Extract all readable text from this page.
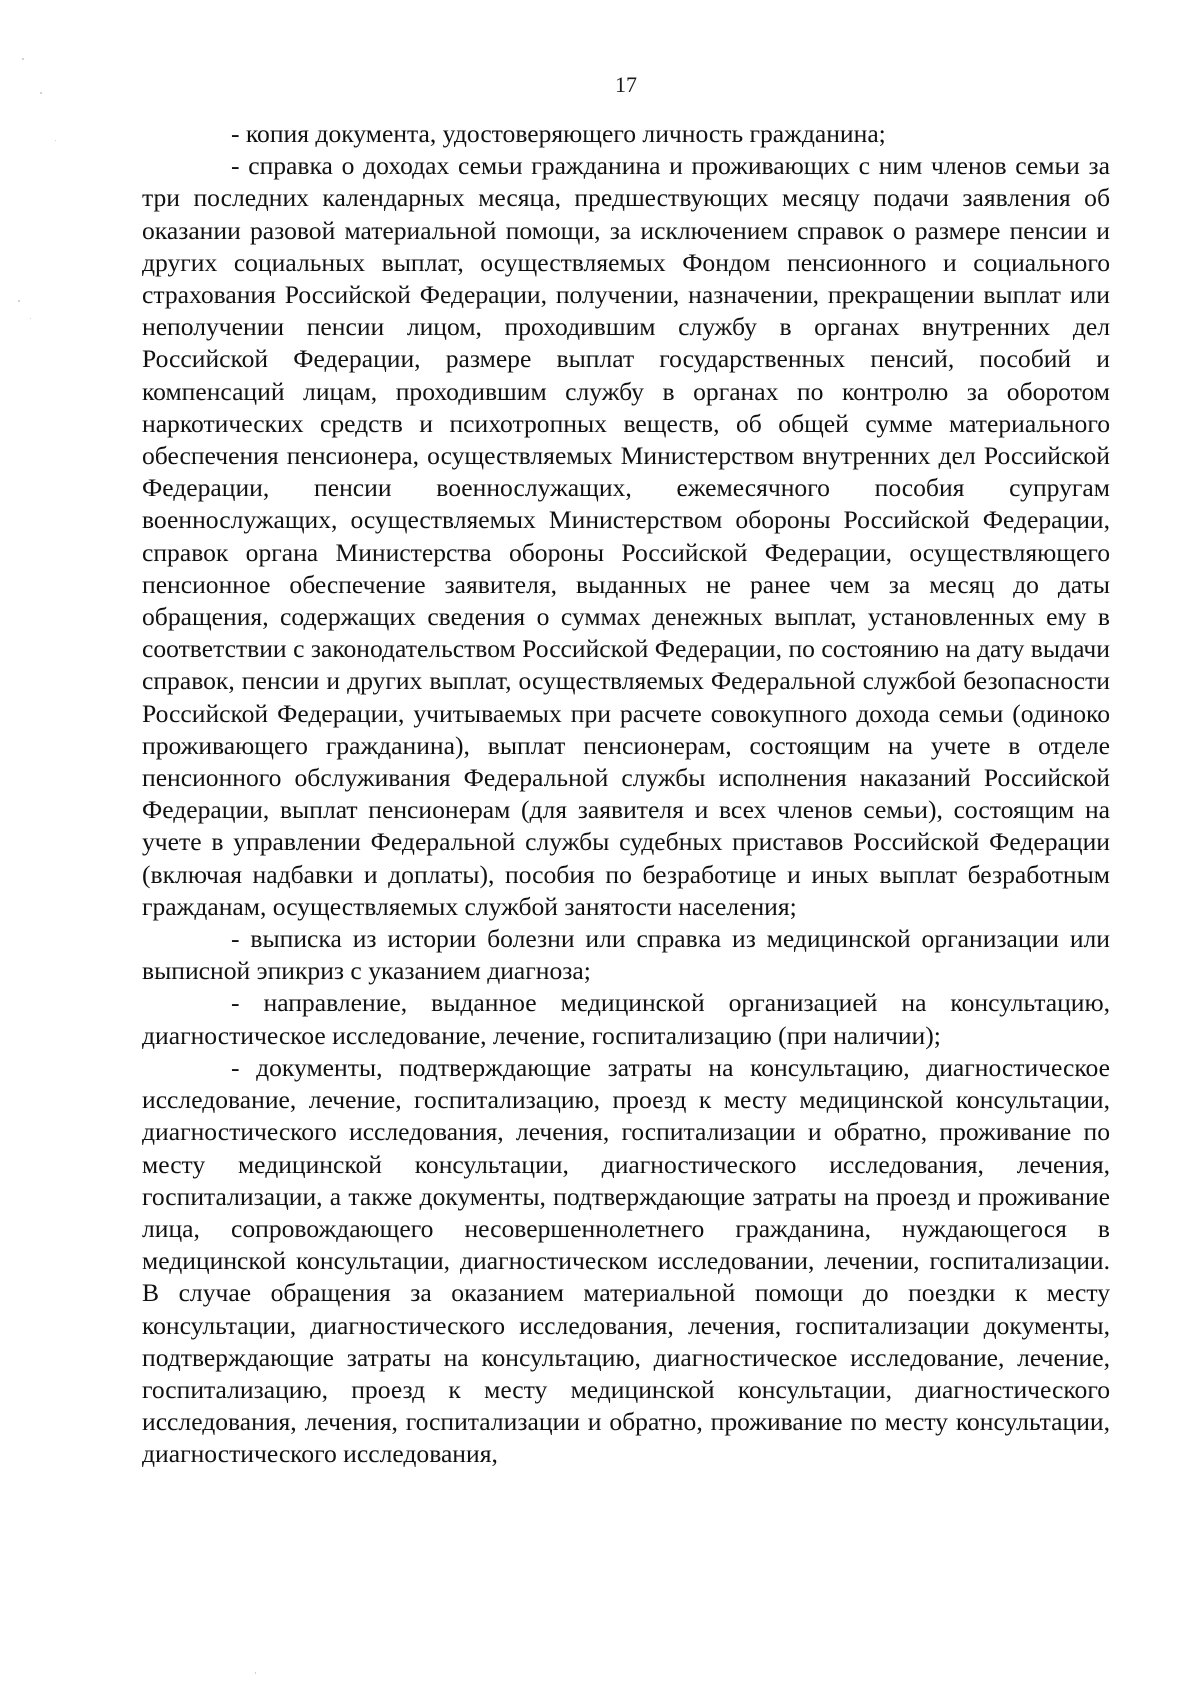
17

- копия документа, удостоверяющего личность гражданина;

- справка о доходах семьи гражданина и проживающих с ним членов семьи за три последних календарных месяца, предшествующих месяцу подачи заявления об оказании разовой материальной помощи, за исключением справок о размере пенсии и других социальных выплат, осуществляемых Фондом пенсионного и социального страхования Российской Федерации, получении, назначении, прекращении выплат или неполучении пенсии лицом, проходившим службу в органах внутренних дел Российской Федерации, размере выплат государственных пенсий, пособий и компенсаций лицам, проходившим службу в органах по контролю за оборотом наркотических средств и психотропных веществ, об общей сумме материального обеспечения пенсионера, осуществляемых Министерством внутренних дел Российской Федерации, пенсии военнослужащих, ежемесячного пособия супругам военнослужащих, осуществляемых Министерством обороны Российской Федерации, справок органа Министерства обороны Российской Федерации, осуществляющего пенсионное обеспечение заявителя, выданных не ранее чем за месяц до даты обращения, содержащих сведения о суммах денежных выплат, установленных ему в соответствии с законодательством Российской Федерации, по состоянию на дату выдачи справок, пенсии и других выплат, осуществляемых Федеральной службой безопасности Российской Федерации, учитываемых при расчете совокупного дохода семьи (одиноко проживающего гражданина), выплат пенсионерам, состоящим на учете в отделе пенсионного обслуживания Федеральной службы исполнения наказаний Российской Федерации, выплат пенсионерам (для заявителя и всех членов семьи), состоящим на учете в управлении Федеральной службы судебных приставов Российской Федерации (включая надбавки и доплаты), пособия по безработице и иных выплат безработным гражданам, осуществляемых службой занятости населения;

- выписка из истории болезни или справка из медицинской организации или выписной эпикриз с указанием диагноза;

- направление, выданное медицинской организацией на консультацию, диагностическое исследование, лечение, госпитализацию (при наличии);

- документы, подтверждающие затраты на консультацию, диагностическое исследование, лечение, госпитализацию, проезд к месту медицинской консультации, диагностического исследования, лечения, госпитализации и обратно, проживание по месту медицинской консультации, диагностического исследования, лечения, госпитализации, а также документы, подтверждающие затраты на проезд и проживание лица, сопровождающего несовершеннолетнего гражданина, нуждающегося в медицинской консультации, диагностическом исследовании, лечении, госпитализации. В случае обращения за оказанием материальной помощи до поездки к месту консультации, диагностического исследования, лечения, госпитализации документы, подтверждающие затраты на консультацию, диагностическое исследование, лечение, госпитализацию, проезд к месту медицинской консультации, диагностического исследования, лечения, госпитализации и обратно, проживание по месту консультации, диагностического исследования,
